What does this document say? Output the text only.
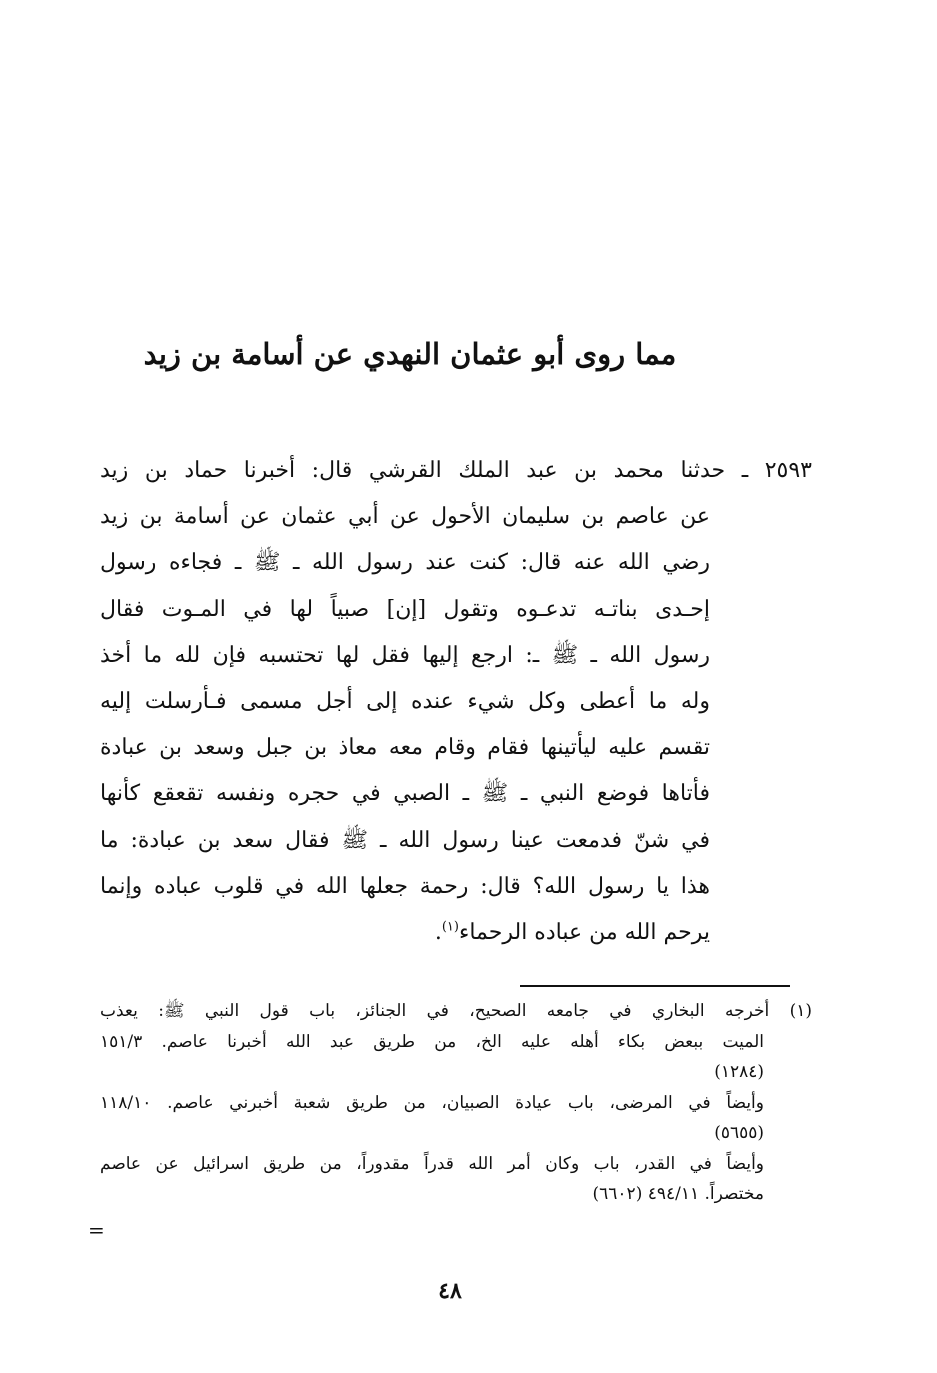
مما روى أبو عثمان النهدي عن أسامة بن زيد
٢٥٩٣ ـ حدثنا محمد بن عبد الملك القرشي قال: أخبرنا حماد بن زيد
عن عاصم بن سليمان الأحول عن أبي عثمان عن أسامة بن زيد
رضي الله عنه قال: كنت عند رسول الله ـ ﷺ ـ فجاءه رسول
إحـدى بناتـه تدعـوه وتقول [إن] صبياً لها في المـوت فقال
رسول الله ـ ﷺ ـ: ارجع إليها فقل لها تحتسبه فإن لله ما أخذ
وله ما أعطى وكل شيء عنده إلى أجل مسمى فـأرسلت إليه
تقسم عليه ليأتينها فقام وقام معه معاذ بن جبل وسعد بن عبادة
فأتاها فوضع النبي ـ ﷺ ـ الصبي في حجره ونفسه تقعقع كأنها
في شنّ فدمعت عينا رسول الله ـ ﷺ فقال سعد بن عبادة: ما
هذا يا رسول الله؟ قال: رحمة جعلها الله في قلوب عباده وإنما
يرحم الله من عباده الرحماء$^{(١)}$.
(١) أخرجه البخاري في جامعه الصحيح، في الجنائز، باب قول النبي ﷺ: يعذب
الميت ببعض بكاء أهله عليه الخ، من طريق عبد الله أخبرنا عاصم. ١٥١/٣
(١٢٨٤)
وأيضاً في المرضى، باب عيادة الصبيان، من طريق شعبة أخبرني عاصم. ١١٨/١٠
(٥٦٥٥)
وأيضاً في القدر، باب وكان أمر الله قدراً مقدوراً، من طريق اسرائيل عن عاصم
مختصراً. ٤٩٤/١١ (٦٦٠٢)
=
٤٨
